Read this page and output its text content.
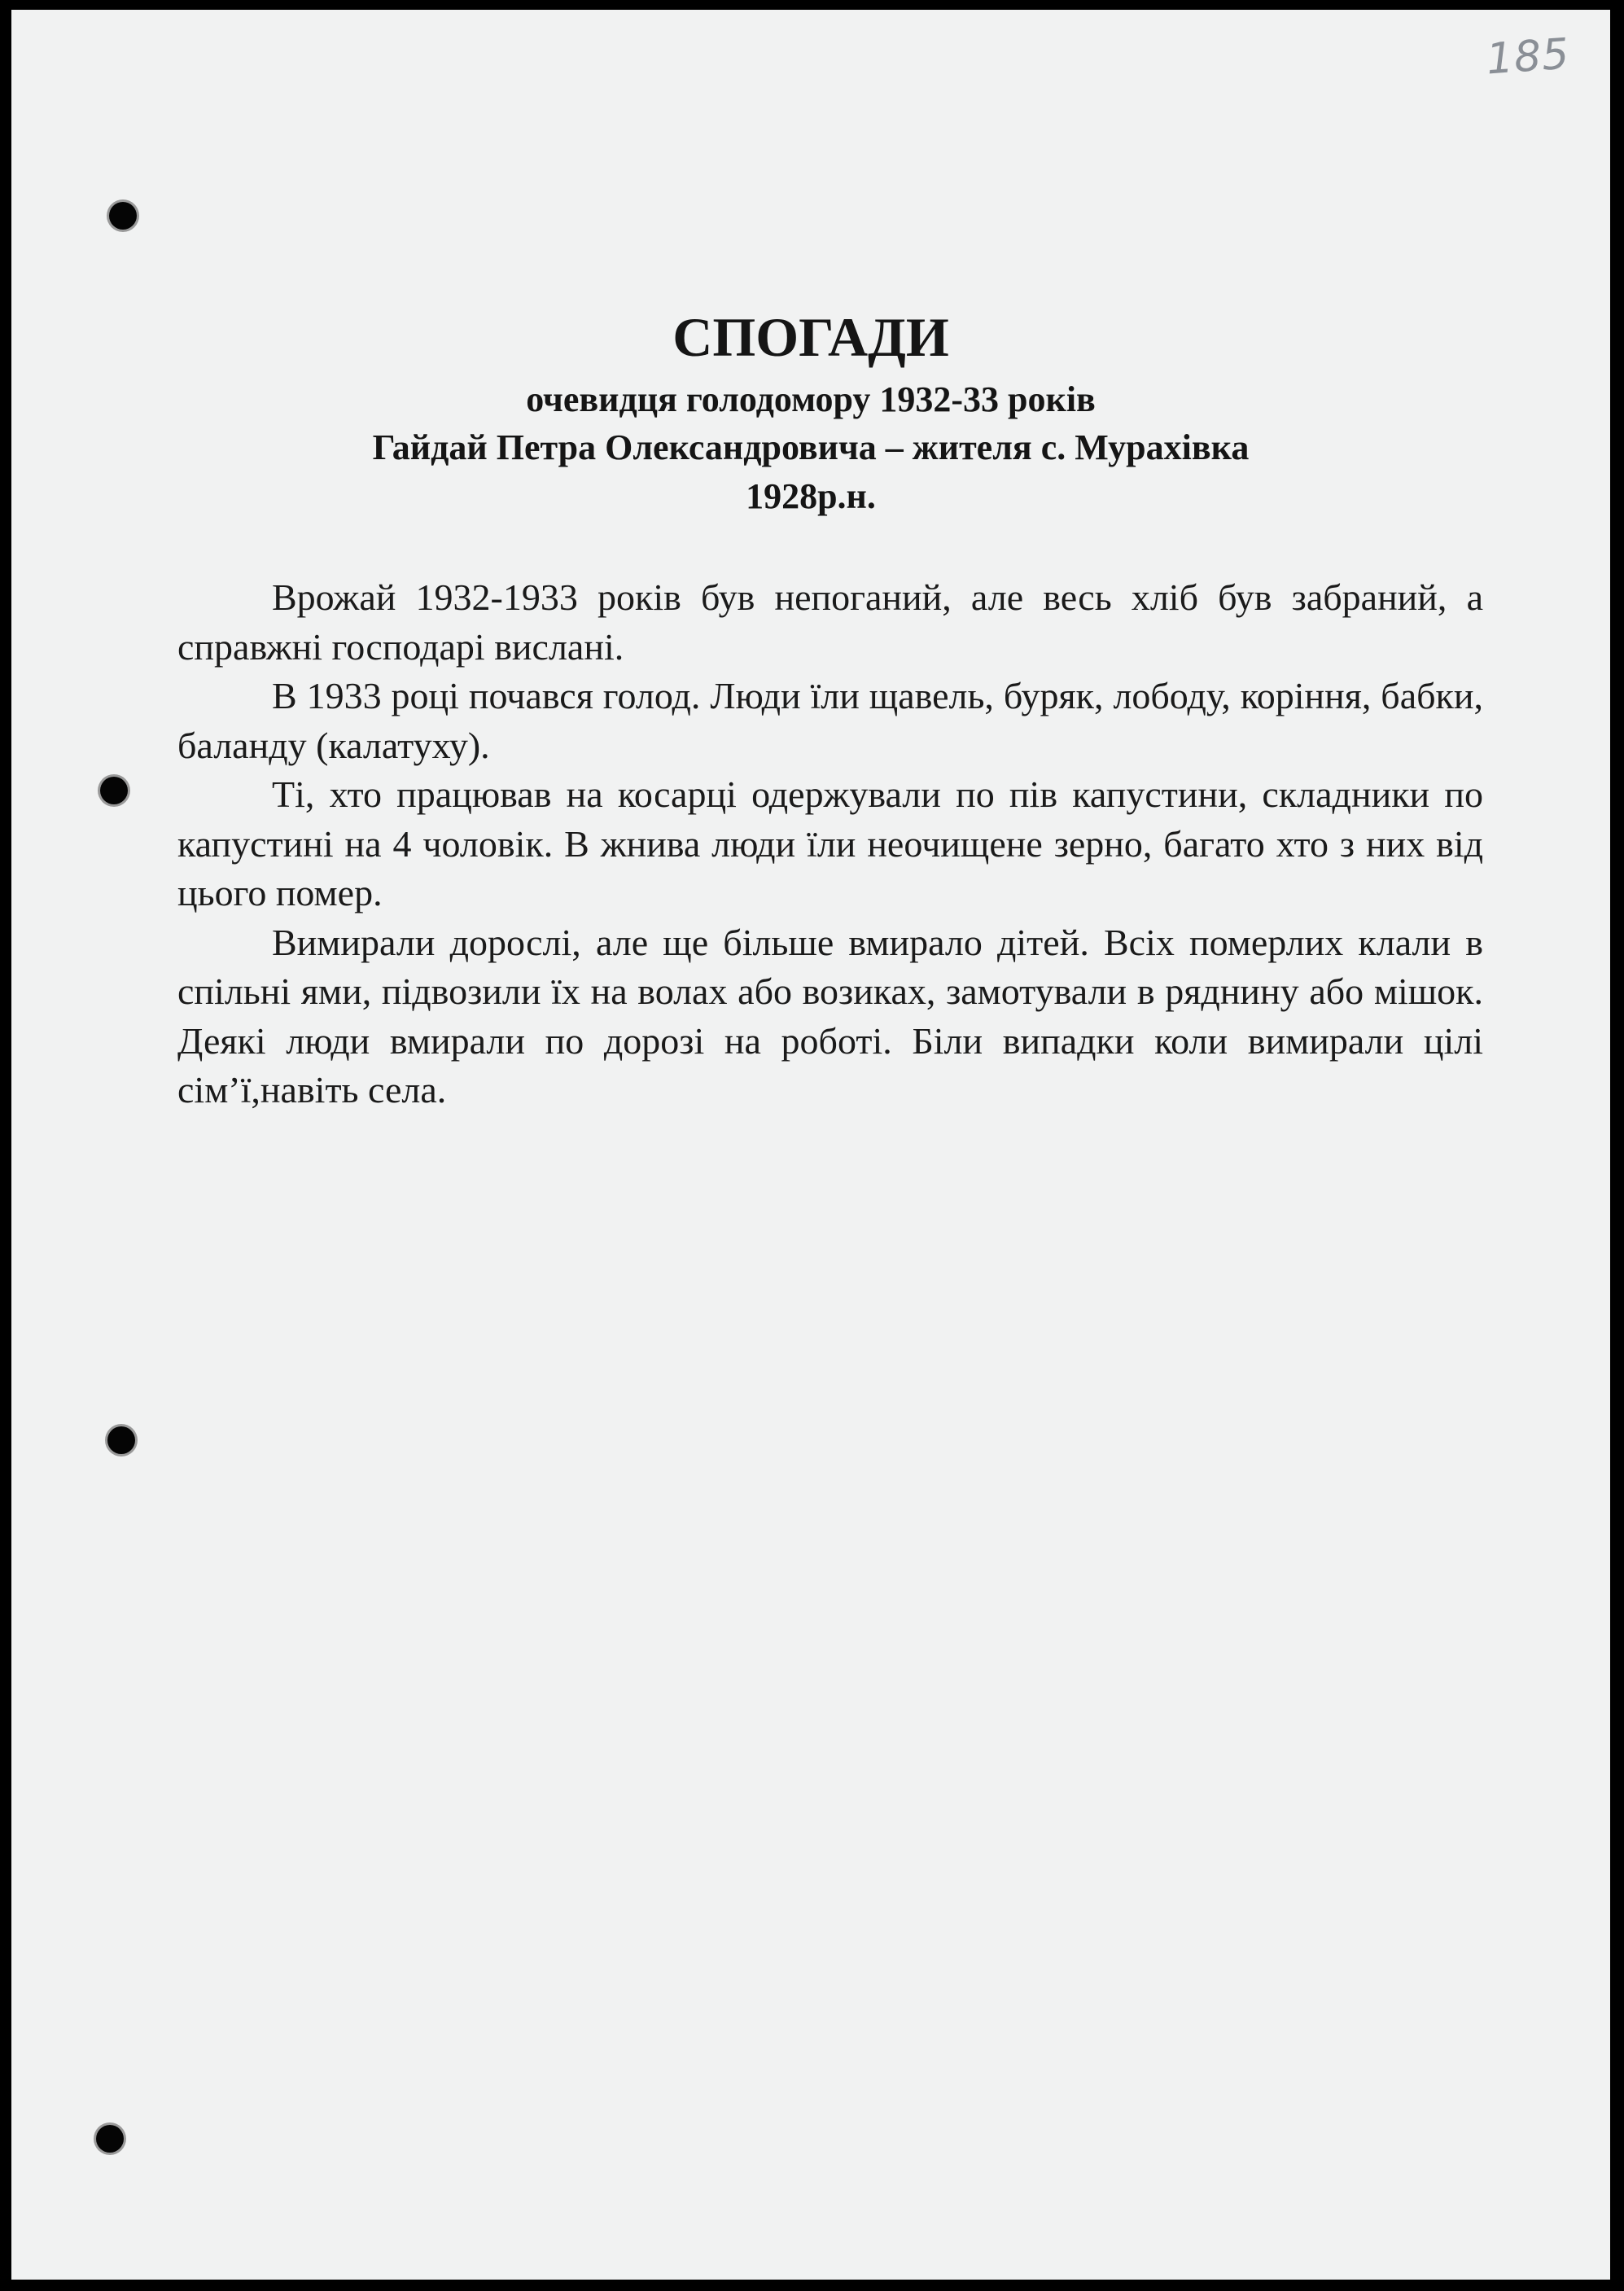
185
СПОГАДИ
очевидця голодомору 1932-33 років
Гайдай Петра Олександровича – жителя с. Мурахівка
1928р.н.

Врожай 1932-1933 років був непоганий, але весь хліб був забраний, а справжні господарі вислані.

В 1933 році почався голод. Люди їли щавель, буряк, лободу, коріння, бабки, баланду (калатуху).

Ті, хто працював на косарці одержували по пів капустини, складники по капустині на 4 чоловік. В жнива люди їли неочищене зерно, багато хто з них від цього помер.

Вимирали дорослі, але ще більше вмирало дітей. Всіх померлих клали в спільні ями, підвозили їх на волах або возиках, замотували в ряднину або мішок. Деякі люди вмирали по дорозі на роботі. Біли випадки коли вимирали цілі сім’ї,навіть села.
